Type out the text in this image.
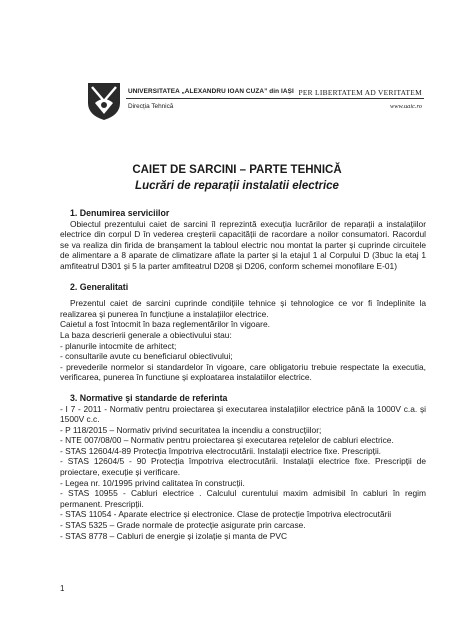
UNIVERSITATEA „ALEXANDRU IOAN CUZA” din IAȘI PER LIBERTATEM AD VERITATEM
Direcția Tehnică	www.uaic.ro
CAIET DE SARCINI – PARTE TEHNICĂ
Lucrări de reparații instalatii electrice
1. Denumirea serviciilor
Obiectul prezentului caiet de sarcini îl reprezintă execuția lucrărilor de reparații a instalațiilor electrice din corpul D în vederea creșterii capacității de racordare a noilor consumatori. Racordul se va realiza din firida de branșament la tabloul electric nou montat la parter și cuprinde circuitele de alimentare a 8 aparate de climatizare aflate la parter și la etajul 1 al Corpului D (3buc la etaj 1 amfiteatrul D301 și 5 la parter amfiteatrul D208 și D206, conform schemei monofilare E-01)
2. Generalitati
Prezentul caiet de sarcini cuprinde condițiile tehnice și tehnologice ce vor fi îndeplinite la realizarea și punerea în funcțiune a instalațiilor electrice.
Caietul a fost întocmit în baza reglementărilor în vigoare.
La baza descrierii generale a obiectivului stau:
- planurile intocmite de arhitect;
- consultarile avute cu beneficiarul obiectivului;
- prevederile normelor si standardelor în vigoare, care obligatoriu trebuie respectate la executia, verificarea, punerea în functiune și exploatarea instalatiilor electrice.
3. Normative și standarde de referinta
- I 7 - 2011 - Normativ pentru proiectarea și executarea instalațiilor electrice până la 1000V c.a. și 1500V c.c.
- P 118/2015 – Normativ privind securitatea la incendiu a construcțiilor;
- NTE 007/08/00 – Normativ pentru proiectarea și executarea rețelelor de cabluri electrice.
- STAS 12604/4-89 Protecția împotriva electrocutării. Instalații electrice fixe. Prescripții.
- STAS 12604/5 - 90 Protecția împotriva electrocutării. Instalații electrice fixe. Prescripții de proiectare, execuție și verificare.
- Legea nr. 10/1995 privind calitatea în construcții.
- STAS 10955 - Cabluri electrice . Calculul curentului maxim admisibil în cabluri în regim permanent. Prescripții.
- STAS 11054 - Aparate electrice și electronice. Clase de protecție împotriva electrocutării
- STAS 5325 – Grade normale de protecție asigurate prin carcase.
- STAS 8778 – Cabluri de energie și izolație și manta de PVC
1
